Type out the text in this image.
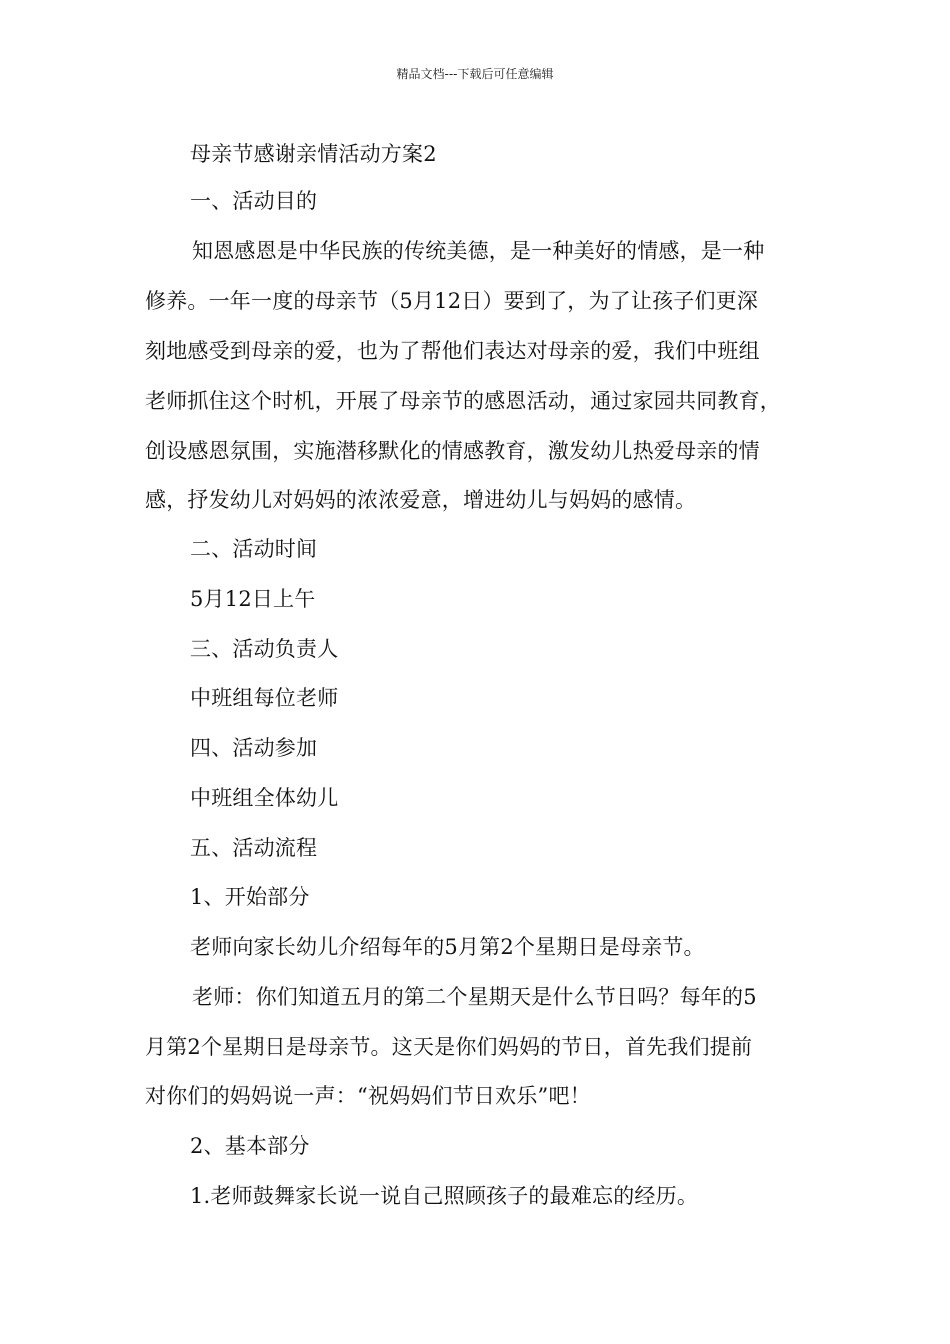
精品文档---下载后可任意编辑
母亲节感谢亲情活动方案2
一、活动目的
知恩感恩是中华民族的传统美德，是一种美好的情感，是一种
修养。一年一度的母亲节（5月12日）要到了，为了让孩子们更深
刻地感受到母亲的爱，也为了帮他们表达对母亲的爱，我们中班组
老师抓住这个时机，开展了母亲节的感恩活动，通过家园共同教育，
创设感恩氛围，实施潜移默化的情感教育，激发幼儿热爱母亲的情
感，抒发幼儿对妈妈的浓浓爱意，增进幼儿与妈妈的感情。
二、活动时间
5月12日上午
三、活动负责人
中班组每位老师
四、活动参加
中班组全体幼儿
五、活动流程
1、开始部分
老师向家长幼儿介绍每年的5月第2个星期日是母亲节。
老师：你们知道五月的第二个星期天是什么节日吗？每年的5
月第2个星期日是母亲节。这天是你们妈妈的节日，首先我们提前
对你们的妈妈说一声：“祝妈妈们节日欢乐”吧！
2、基本部分
1.老师鼓舞家长说一说自己照顾孩子的最难忘的经历。
